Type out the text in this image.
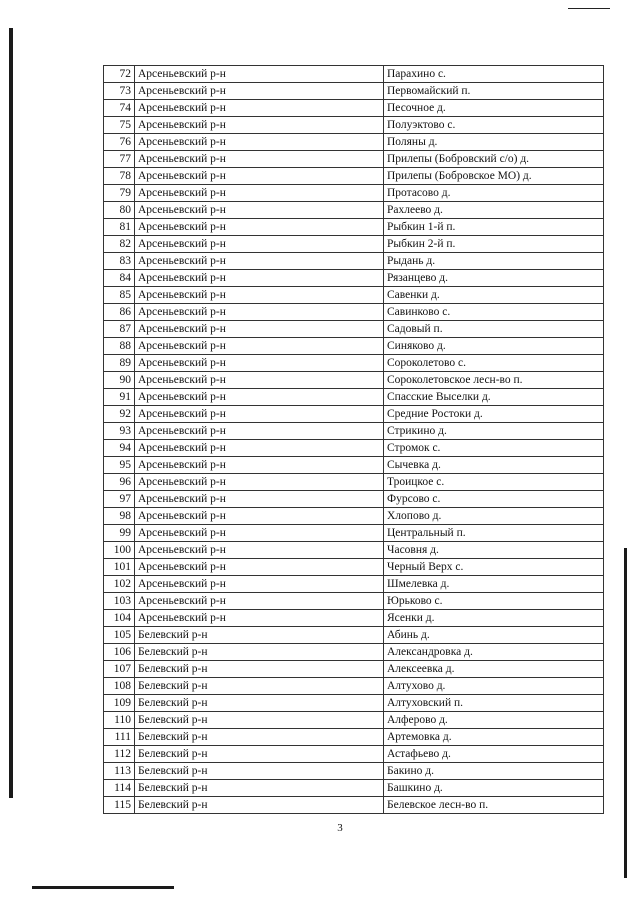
72	Арсеньевский р-н	Парахино с.
73	Арсеньевский р-н	Первомайский п.
74	Арсеньевский р-н	Песочное д.
75	Арсеньевский р-н	Полуэктово с.
76	Арсеньевский р-н	Поляны д.
77	Арсеньевский р-н	Прилепы (Бобровский с/о) д.
78	Арсеньевский р-н	Прилепы (Бобровское МО) д.
79	Арсеньевский р-н	Протасово д.
80	Арсеньевский р-н	Рахлеево д.
81	Арсеньевский р-н	Рыбкин 1-й п.
82	Арсеньевский р-н	Рыбкин 2-й п.
83	Арсеньевский р-н	Рыдань д.
84	Арсеньевский р-н	Рязанцево д.
85	Арсеньевский р-н	Савенки д.
86	Арсеньевский р-н	Савинково с.
87	Арсеньевский р-н	Садовый п.
88	Арсеньевский р-н	Синяково д.
89	Арсеньевский р-н	Сороколетово с.
90	Арсеньевский р-н	Сороколетовское лесн-во п.
91	Арсеньевский р-н	Спасские Выселки д.
92	Арсеньевский р-н	Средние Ростоки д.
93	Арсеньевский р-н	Стрикино д.
94	Арсеньевский р-н	Стромок с.
95	Арсеньевский р-н	Сычевка д.
96	Арсеньевский р-н	Троицкое с.
97	Арсеньевский р-н	Фурсово с.
98	Арсеньевский р-н	Хлопово д.
99	Арсеньевский р-н	Центральный п.
100	Арсеньевский р-н	Часовня д.
101	Арсеньевский р-н	Черный Верх с.
102	Арсеньевский р-н	Шмелевка д.
103	Арсеньевский р-н	Юрьково с.
104	Арсеньевский р-н	Ясенки д.
105	Белевский р-н	Абинь д.
106	Белевский р-н	Александровка д.
107	Белевский р-н	Алексеевка д.
108	Белевский р-н	Алтухово д.
109	Белевский р-н	Алтуховский п.
110	Белевский р-н	Алферово д.
111	Белевский р-н	Артемовка д.
112	Белевский р-н	Астафьево д.
113	Белевский р-н	Бакино д.
114	Белевский р-н	Башкино д.
115	Белевский р-н	Белевское лесн-во п.
3
